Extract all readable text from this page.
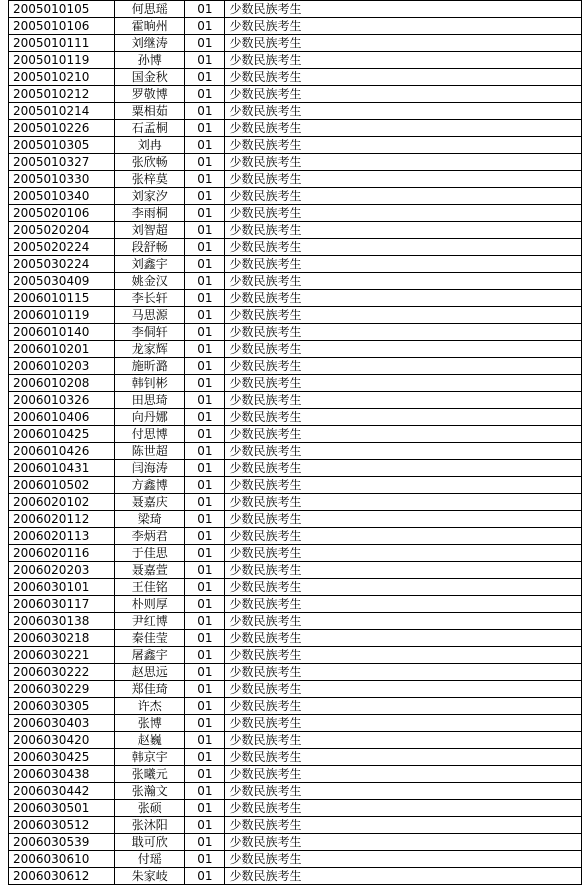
2005010105	何思瑶	01	少数民族考生
2005010106	霍晌州	01	少数民族考生
2005010111	刘继涛	01	少数民族考生
2005010119	孙博	01	少数民族考生
2005010210	国金秋	01	少数民族考生
2005010212	罗敬博	01	少数民族考生
2005010214	粟相茹	01	少数民族考生
2005010226	石孟桐	01	少数民族考生
2005010305	刘冉	01	少数民族考生
2005010327	张欣畅	01	少数民族考生
2005010330	张梓莫	01	少数民族考生
2005010340	刘家汐	01	少数民族考生
2005020106	李雨桐	01	少数民族考生
2005020204	刘智超	01	少数民族考生
2005020224	段舒畅	01	少数民族考生
2005030224	刘鑫宇	01	少数民族考生
2005030409	姚金汉	01	少数民族考生
2006010115	李长轩	01	少数民族考生
2006010119	马思源	01	少数民族考生
2006010140	李侗轩	01	少数民族考生
2006010201	龙家辉	01	少数民族考生
2006010203	施昕潞	01	少数民族考生
2006010208	韩钊彬	01	少数民族考生
2006010326	田思琦	01	少数民族考生
2006010406	向丹娜	01	少数民族考生
2006010425	付思博	01	少数民族考生
2006010426	陈世超	01	少数民族考生
2006010431	闫海涛	01	少数民族考生
2006010502	方鑫博	01	少数民族考生
2006020102	聂嘉庆	01	少数民族考生
2006020112	梁琦	01	少数民族考生
2006020113	李炳君	01	少数民族考生
2006020116	于佳思	01	少数民族考生
2006020203	聂嘉萱	01	少数民族考生
2006030101	王佳铭	01	少数民族考生
2006030117	朴则厚	01	少数民族考生
2006030138	尹红博	01	少数民族考生
2006030218	秦佳莹	01	少数民族考生
2006030221	屠鑫宇	01	少数民族考生
2006030222	赵思远	01	少数民族考生
2006030229	郑佳琦	01	少数民族考生
2006030305	许杰	01	少数民族考生
2006030403	张博	01	少数民族考生
2006030420	赵巍	01	少数民族考生
2006030425	韩京宇	01	少数民族考生
2006030438	张曦元	01	少数民族考生
2006030442	张瀚文	01	少数民族考生
2006030501	张硕	01	少数民族考生
2006030512	张沐阳	01	少数民族考生
2006030539	戢可欣	01	少数民族考生
2006030610	付瑶	01	少数民族考生
2006030612	朱家岐	01	少数民族考生
